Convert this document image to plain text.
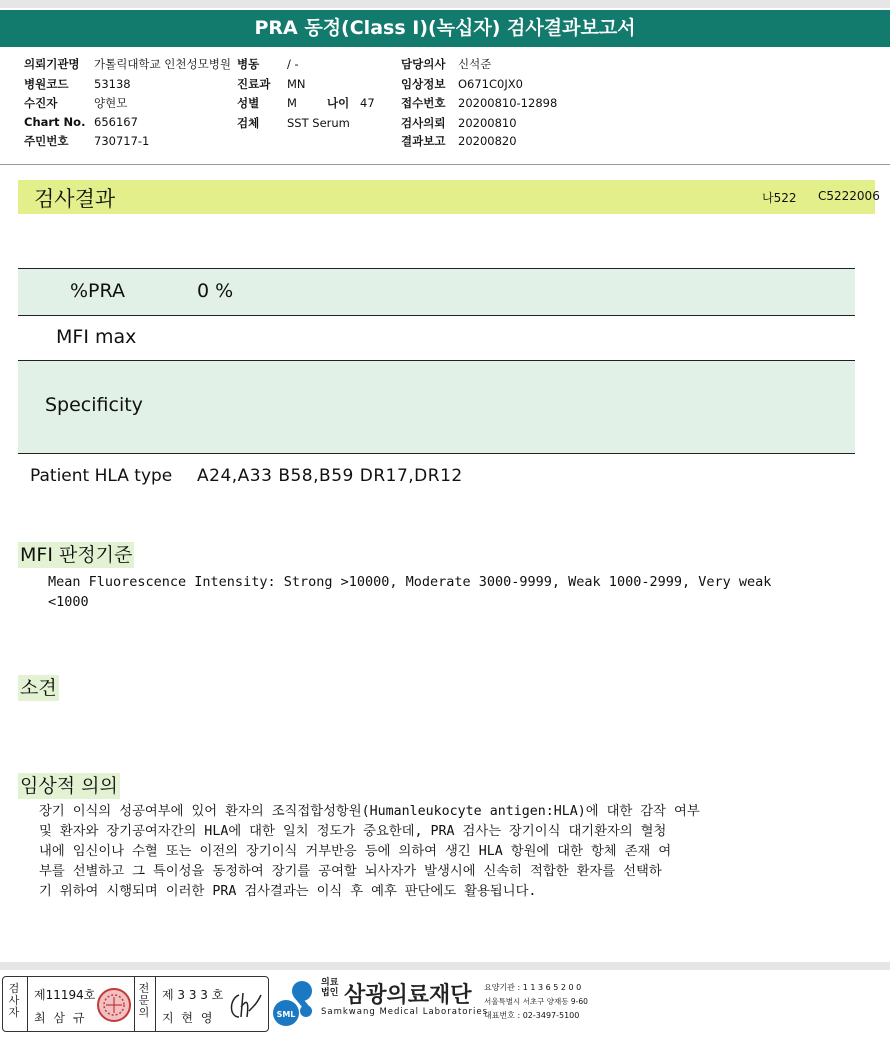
PRA 동정(Class I)(녹십자) 검사결과보고서
의뢰기관명 가톨릭대학교 인천성모병원
병원코드 53138
수진자	양현모
Chart No. 656167
주민번호 730717-1
병동 / -
진료과 MN
성별 M	나이 47
검체 SST Serum
담당의사 신석준
임상정보 O671C0JX0
접수번호 20200810-12898
검사의뢰 20200810
결과보고 20200820
검사결과	나522 C5222006
%PRA	0 %
MFI max
Specificity
Patient HLA type A24,A33 B58,B59 DR17,DR12
MFI 판정기준
Mean Fluorescence Intensity: Strong >10000, Moderate 3000-9999, Weak 1000-2999, Very weak
<1000
소견
임상적 의의
장기 이식의 성공여부에 있어 환자의 조직접합성항원(Humanleukocyte antigen:HLA)에 대한 감작 여부
및 환자와 장기공여자간의 HLA에 대한 일치 정도가 중요한데, PRA 검사는 장기이식 대기환자의 혈청
내에 임신이나 수혈 또는 이전의 장기이식 거부반응 등에 의하여 생긴 HLA 항원에 대한 항체 존재 여
부를 선별하고 그 특이성을 동정하여 장기를 공여할 뇌사자가 발생시에 신속히 적합한 환자를 선택하
기 위하여 시행되며 이러한 PRA 검사결과는 이식 후 예후 판단에도 활용됩니다.
검사자
제11194호
최 삼 규
전문의
제 3 3 3 호
지 현 영	SML
의료법인 삼광의료재단
Samkwang Medical Laboratories
요양기관 : 1 1 3 6 5 2 0 0
서울특별시 서초구 양재동 9-60
대표번호 : 02-3497-5100
